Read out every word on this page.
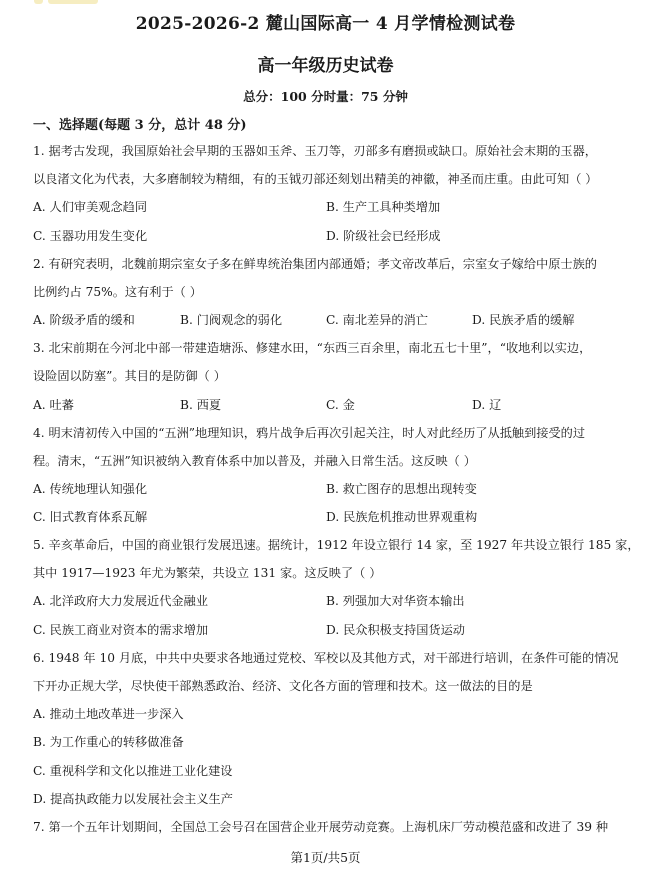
2025-2026-2 麓山国际高一 4 月学情检测试卷
高一年级历史试卷
总分：100 分时量：75 分钟
一、选择题(每题 3 分，总计 48 分)
1. 据考古发现，我国原始社会早期的玉器如玉斧、玉刀等，刃部多有磨损或缺口。原始社会末期的玉器，
以良渚文化为代表，大多磨制较为精细，有的玉钺刃部还刻划出精美的神徽，神圣而庄重。由此可知（ ）
A. 人们审美观念趋同	B. 生产工具种类增加
C. 玉器功用发生变化	D. 阶级社会已经形成
2. 有研究表明，北魏前期宗室女子多在鲜卑统治集团内部通婚；孝文帝改革后，宗室女子嫁给中原士族的
比例约占 75%。这有利于（ ）
A. 阶级矛盾的缓和	B. 门阀观念的弱化	C. 南北差异的消亡	D. 民族矛盾的缓解
3. 北宋前期在今河北中部一带建造塘泺、修建水田，“东西三百余里，南北五七十里”，“收地利以实边，
设险固以防塞”。其目的是防御（ ）
A. 吐蕃	B. 西夏	C. 金	D. 辽
4. 明末清初传入中国的“五洲”地理知识，鸦片战争后再次引起关注，时人对此经历了从抵触到接受的过
程。清末，“五洲”知识被纳入教育体系中加以普及，并融入日常生活。这反映（ ）
A. 传统地理认知强化	B. 救亡图存的思想出现转变
C. 旧式教育体系瓦解	D. 民族危机推动世界观重构
5. 辛亥革命后，中国的商业银行发展迅速。据统计，1912 年设立银行 14 家，至 1927 年共设立银行 185 家，
其中 1917—1923 年尤为繁荣，共设立 131 家。这反映了（ ）
A. 北洋政府大力发展近代金融业	B. 列强加大对华资本输出
C. 民族工商业对资本的需求增加	D. 民众积极支持国货运动
6. 1948 年 10 月底，中共中央要求各地通过党校、军校以及其他方式，对干部进行培训，在条件可能的情况
下开办正规大学，尽快使干部熟悉政治、经济、文化各方面的管理和技术。这一做法的目的是
A. 推动土地改革进一步深入
B. 为工作重心的转移做准备
C. 重视科学和文化以推进工业化建设
D. 提高执政能力以发展社会主义生产
7. 第一个五年计划期间，全国总工会号召在国营企业开展劳动竞赛。上海机床厂劳动模范盛和改进了 39 种
第1页/共5页
